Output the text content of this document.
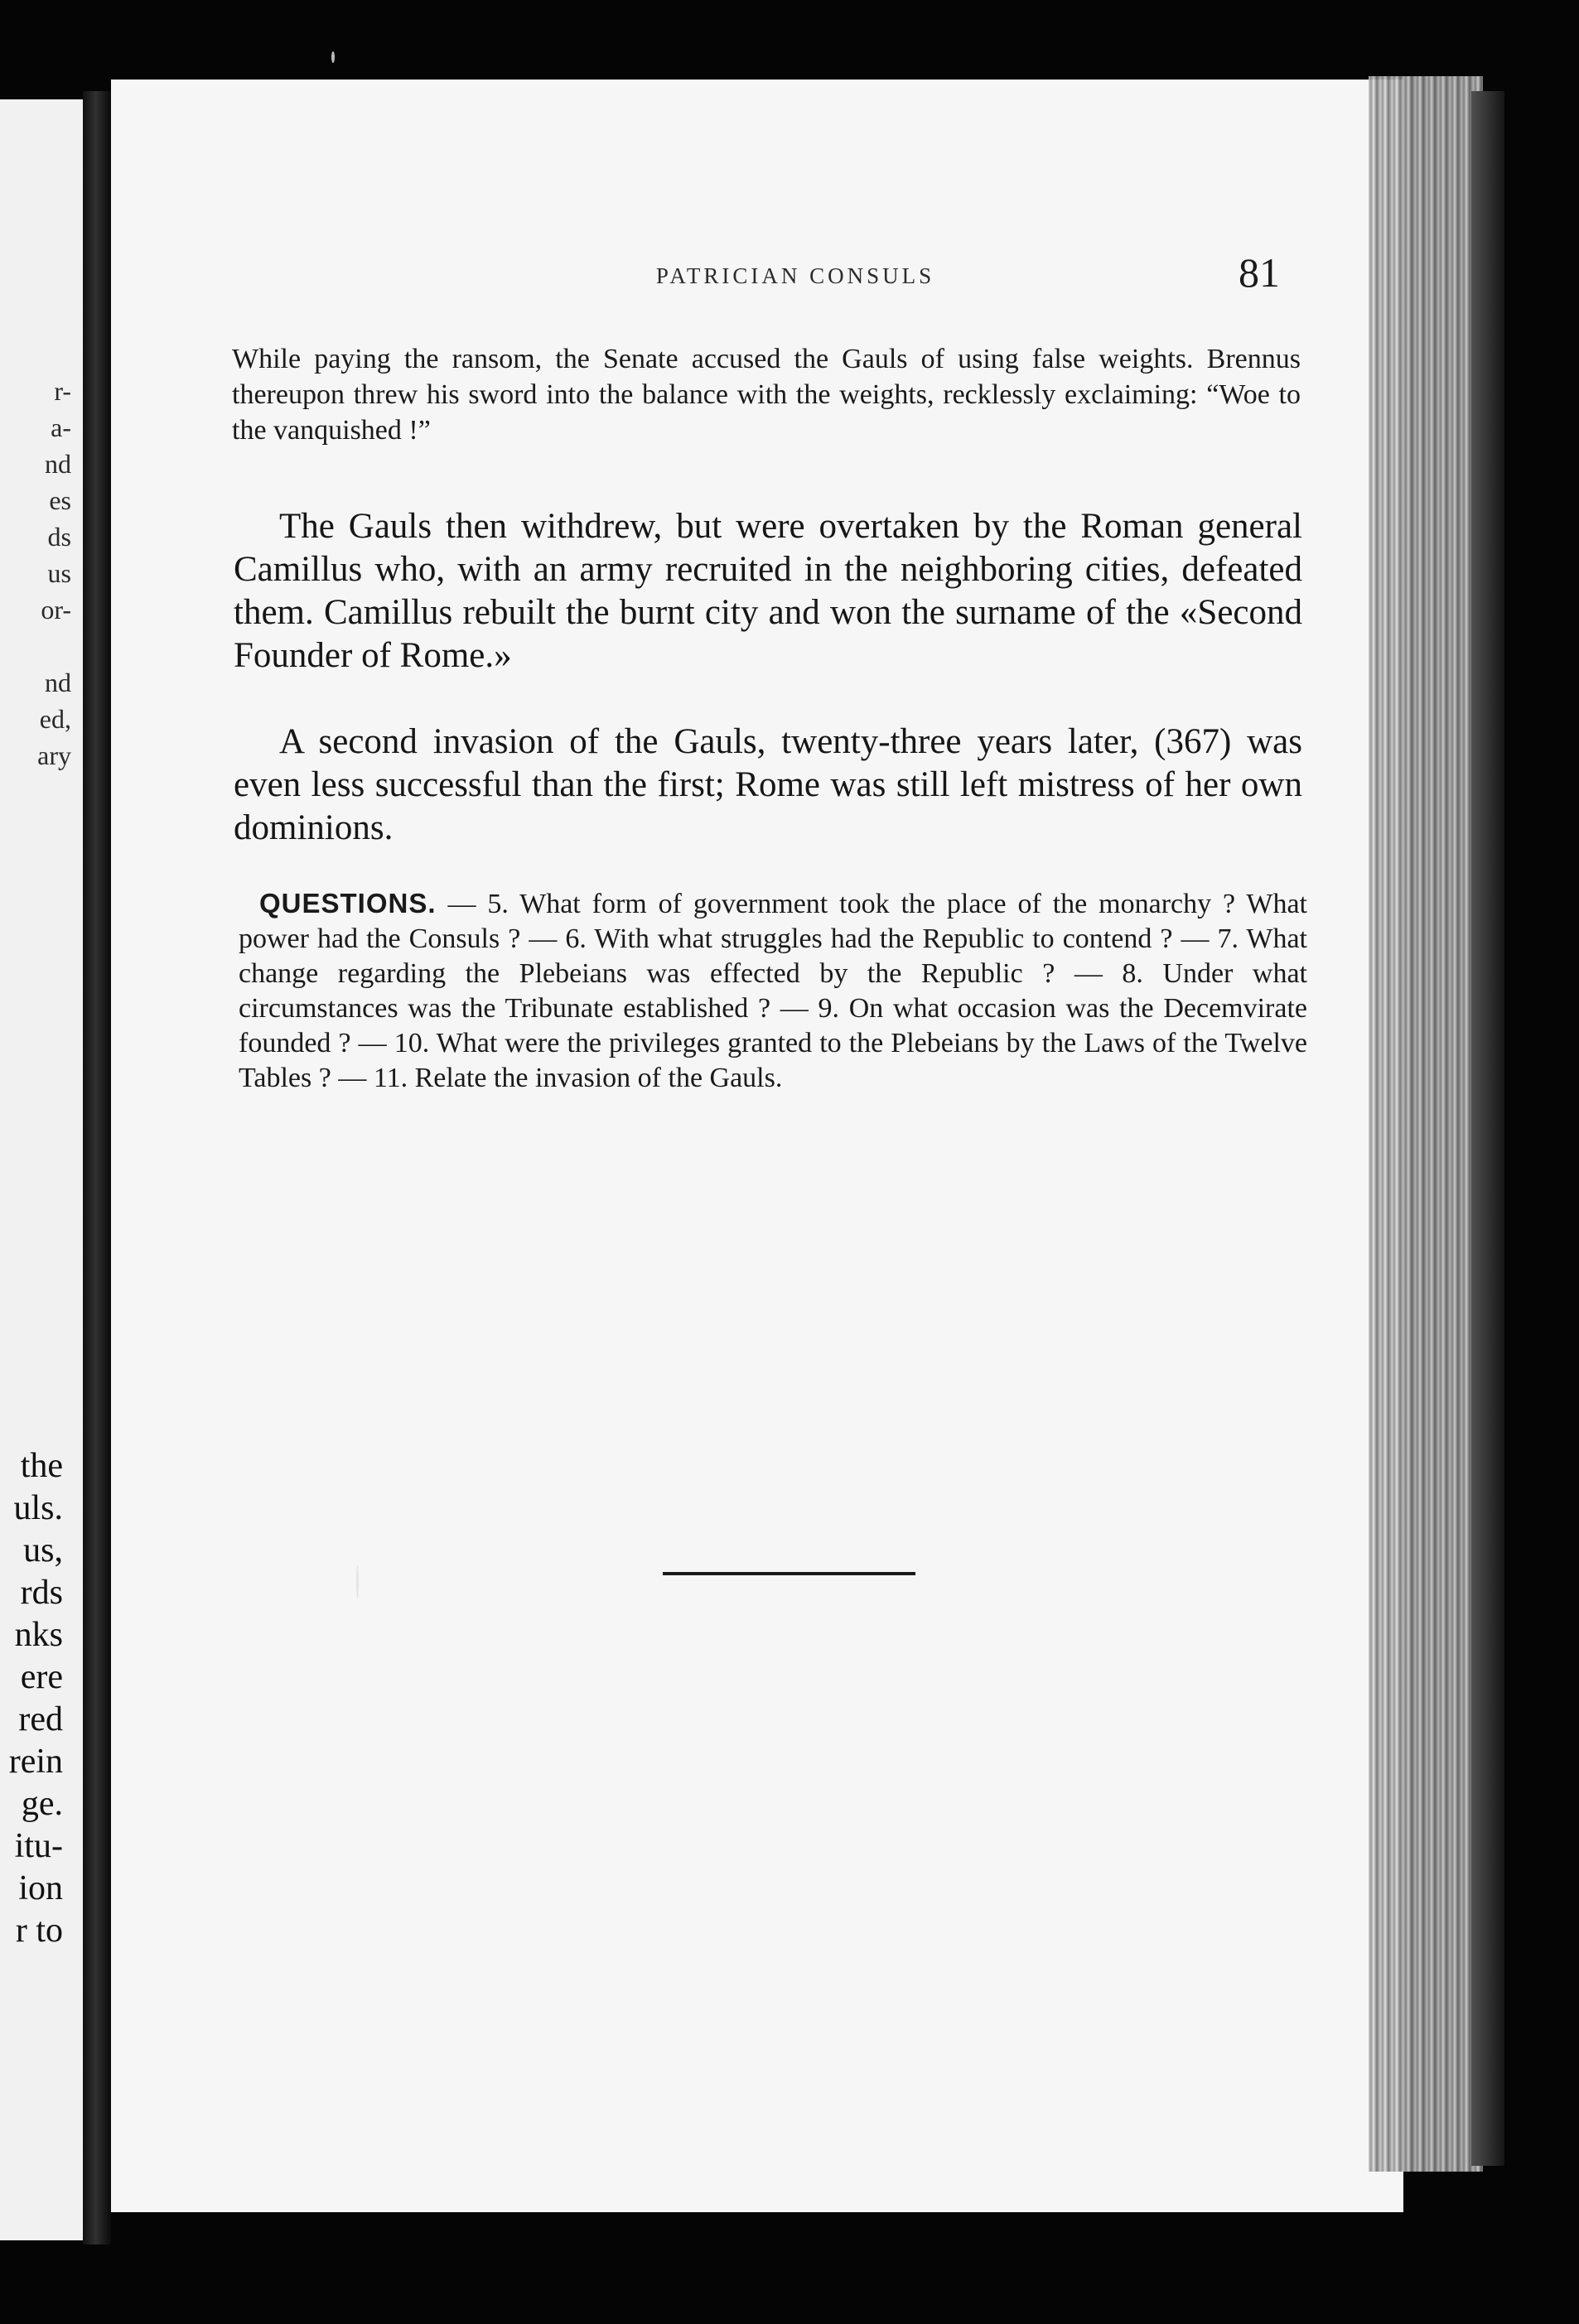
r-
a-
nd
es
ds
us
or-

nd
ed,
ary
the
uls.
us,
rds
nks
ere
red
rein
ge.
itu-
ion
r to
PATRICIAN CONSULS	81
While paying the ransom, the Senate accused the Gauls of using false weights. Brennus thereupon threw his sword into the balance with the weights, recklessly exclaiming: “Woe to the vanquished !”
The Gauls then withdrew, but were overtaken by the Roman general Camillus who, with an army recruited in the neighboring cities, defeated them. Camillus rebuilt the burnt city and won the surname of the «Second Founder of Rome.»
A second invasion of the Gauls, twenty-three years later, (367) was even less successful than the first; Rome was still left mistress of her own dominions.
QUESTIONS. — 5. What form of government took the place of the monarchy ? What power had the Consuls ? — 6. With what struggles had the Republic to contend ? — 7. What change regarding the Plebeians was effected by the Republic ? — 8. Under what circumstances was the Tribunate established ? — 9. On what occasion was the Decemvirate founded ? — 10. What were the privileges granted to the Plebeians by the Laws of the Twelve Tables ? — 11. Relate the invasion of the Gauls.
